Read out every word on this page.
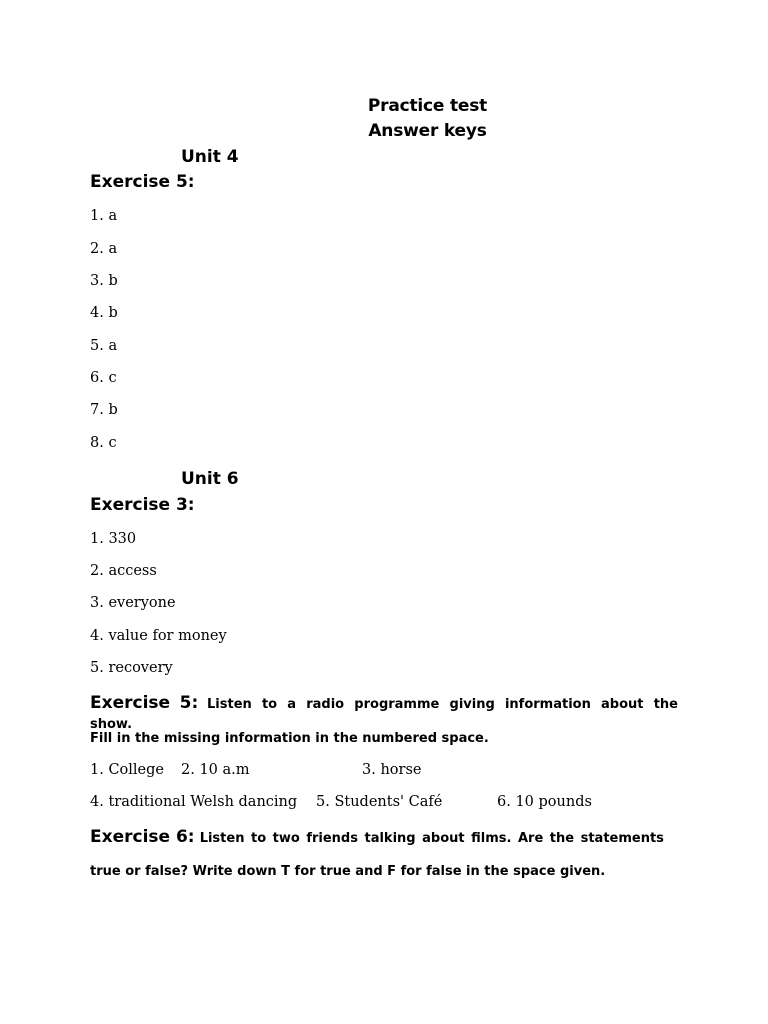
Practice test
Answer keys
Unit 4
Exercise 5:
1. a
2. a
3. b
4. b
5. a
6. c
7. b
8. c
Unit 6
Exercise 3:
1. 330
2. access
3. everyone
4. value for money
5. recovery
Exercise 5: Listen to a radio programme giving information about the show.
Fill in the missing information in the numbered space.
1. College 2. 10 a.m	3. horse
4. traditional Welsh dancing 5. Students' Café	6. 10 pounds
Exercise 6: Listen to two friends talking about films. Are the statements
true or false? Write down T for true and F for false in the space given.
